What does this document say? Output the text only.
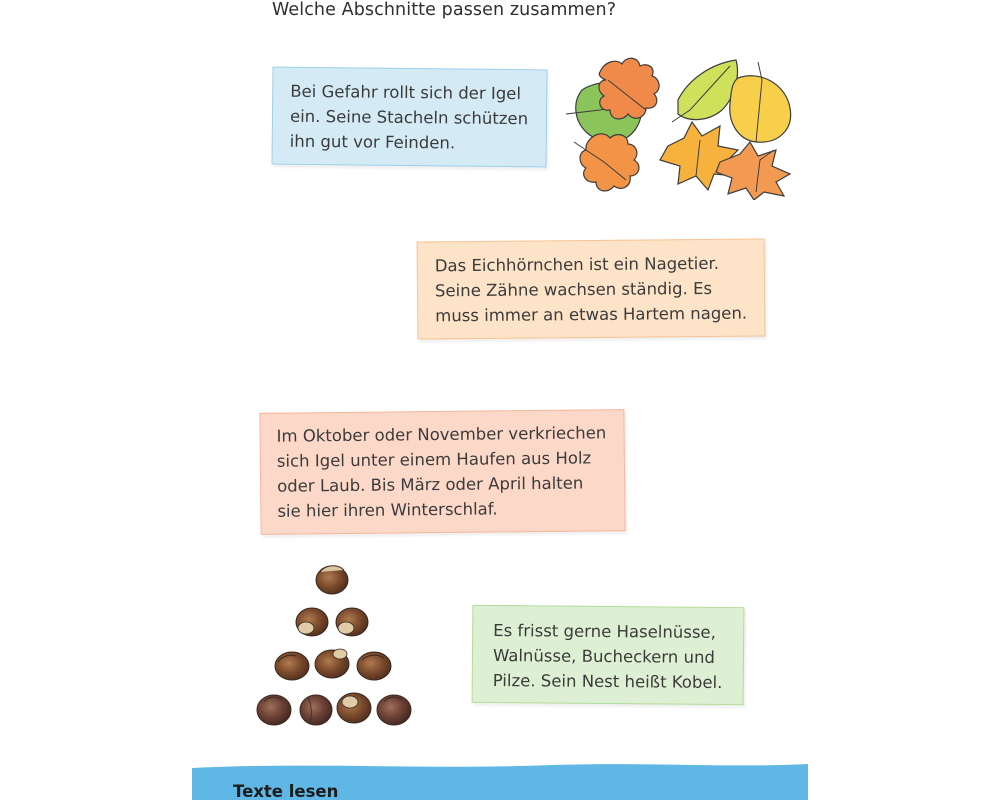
Welche Abschnitte passen zusammen?

Bei Gefahr rollt sich der Igel
ein. Seine Stacheln schützen
ihn gut vor Feinden.

Das Eichhörnchen ist ein Nagetier.
Seine Zähne wachsen ständig. Es
muss immer an etwas Hartem nagen.

Im Oktober oder November verkriechen
sich Igel unter einem Haufen aus Holz
oder Laub. Bis März oder April halten
sie hier ihren Winterschlaf.

Es frisst gerne Haselnüsse,
Walnüsse, Bucheckern und
Pilze. Sein Nest heißt Kobel.

Texte lesen
